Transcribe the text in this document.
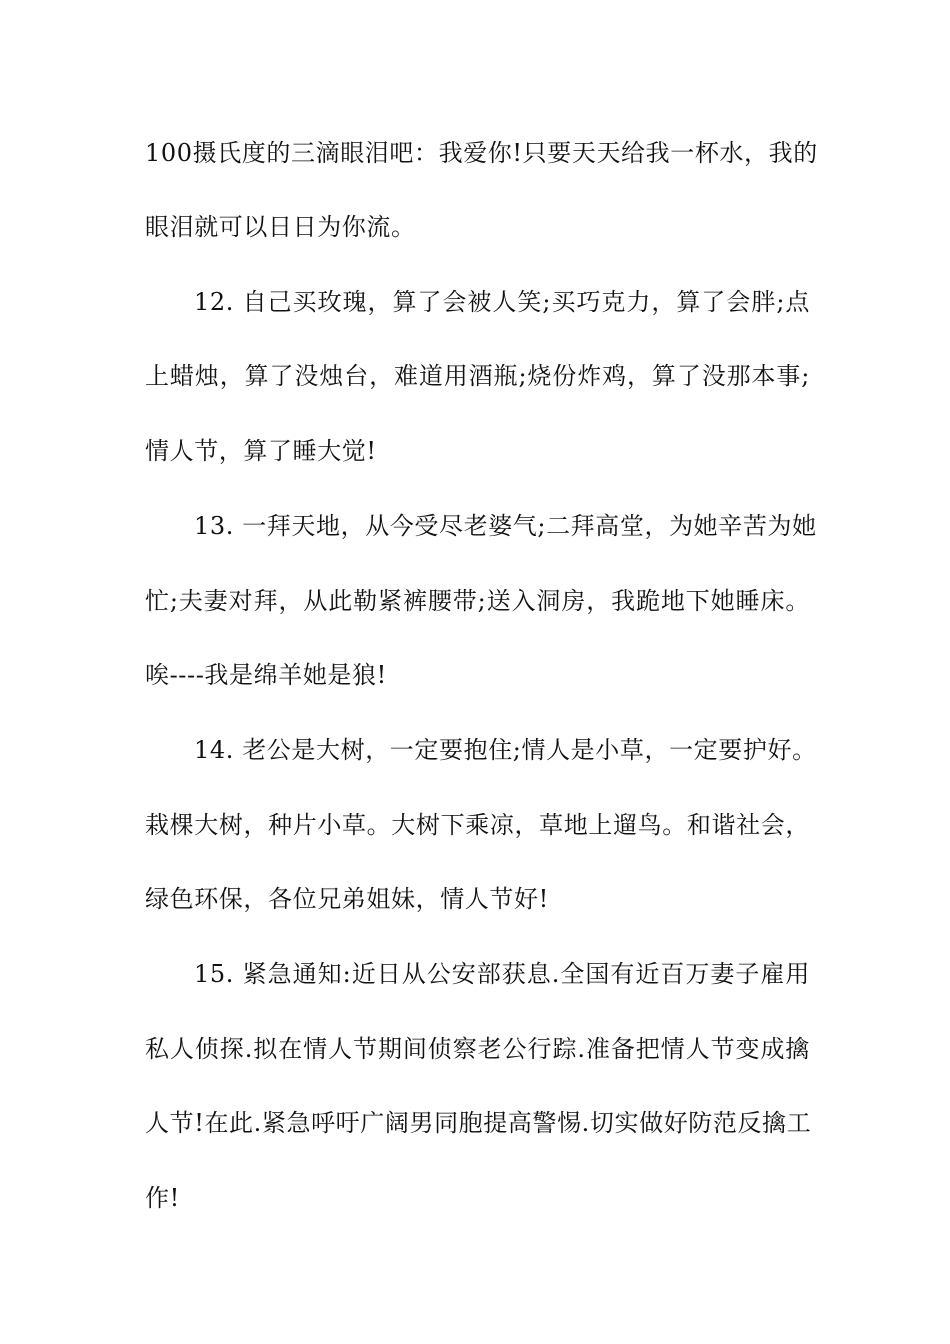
100摄氏度的三滴眼泪吧：我爱你!只要天天给我一杯水，我的
眼泪就可以日日为你流。
12. 自己买玫瑰，算了会被人笑;买巧克力，算了会胖;点
上蜡烛，算了没烛台，难道用酒瓶;烧份炸鸡，算了没那本事;
情人节，算了睡大觉!
13. 一拜天地，从今受尽老婆气;二拜高堂，为她辛苦为她
忙;夫妻对拜，从此勒紧裤腰带;送入洞房，我跪地下她睡床。
唉----我是绵羊她是狼!
14. 老公是大树，一定要抱住;情人是小草，一定要护好。
栽棵大树，种片小草。大树下乘凉，草地上遛鸟。和谐社会，
绿色环保，各位兄弟姐妹，情人节好!
15. 紧急通知:近日从公安部获息.全国有近百万妻子雇用
私人侦探.拟在情人节期间侦察老公行踪.准备把情人节变成擒
人节!在此.紧急呼吁广阔男同胞提高警惕.切实做好防范反擒工
作!
